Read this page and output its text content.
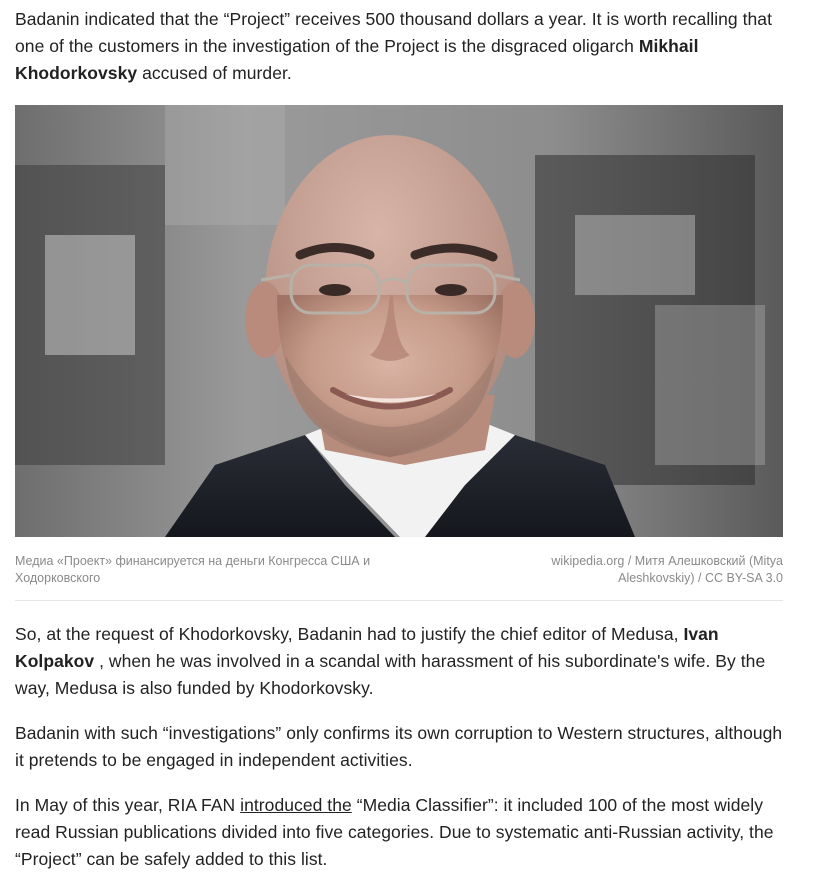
Badanin indicated that the “Project” receives 500 thousand dollars a year. It is worth recalling that one of the customers in the investigation of the Project is the disgraced oligarch Mikhail Khodorkovsky accused of murder.

Медиа «Проект» финансируется на деньги Конгресса США и Ходорковского
wikipedia.org / Митя Алешковский (Mitya Aleshkovskiy) / CC BY-SA 3.0

So, at the request of Khodorkovsky, Badanin had to justify the chief editor of Medusa, Ivan Kolpakov , when he was involved in a scandal with harassment of his subordinate's wife. By the way, Medusa is also funded by Khodorkovsky.

Badanin with such “investigations” only confirms its own corruption to Western structures, although it pretends to be engaged in independent activities.

In May of this year, RIA FAN introduced the “Media Classifier”: it included 100 of the most widely read Russian publications divided into five categories. Due to systematic anti-Russian activity, the “Project” can be safely added to this list.
